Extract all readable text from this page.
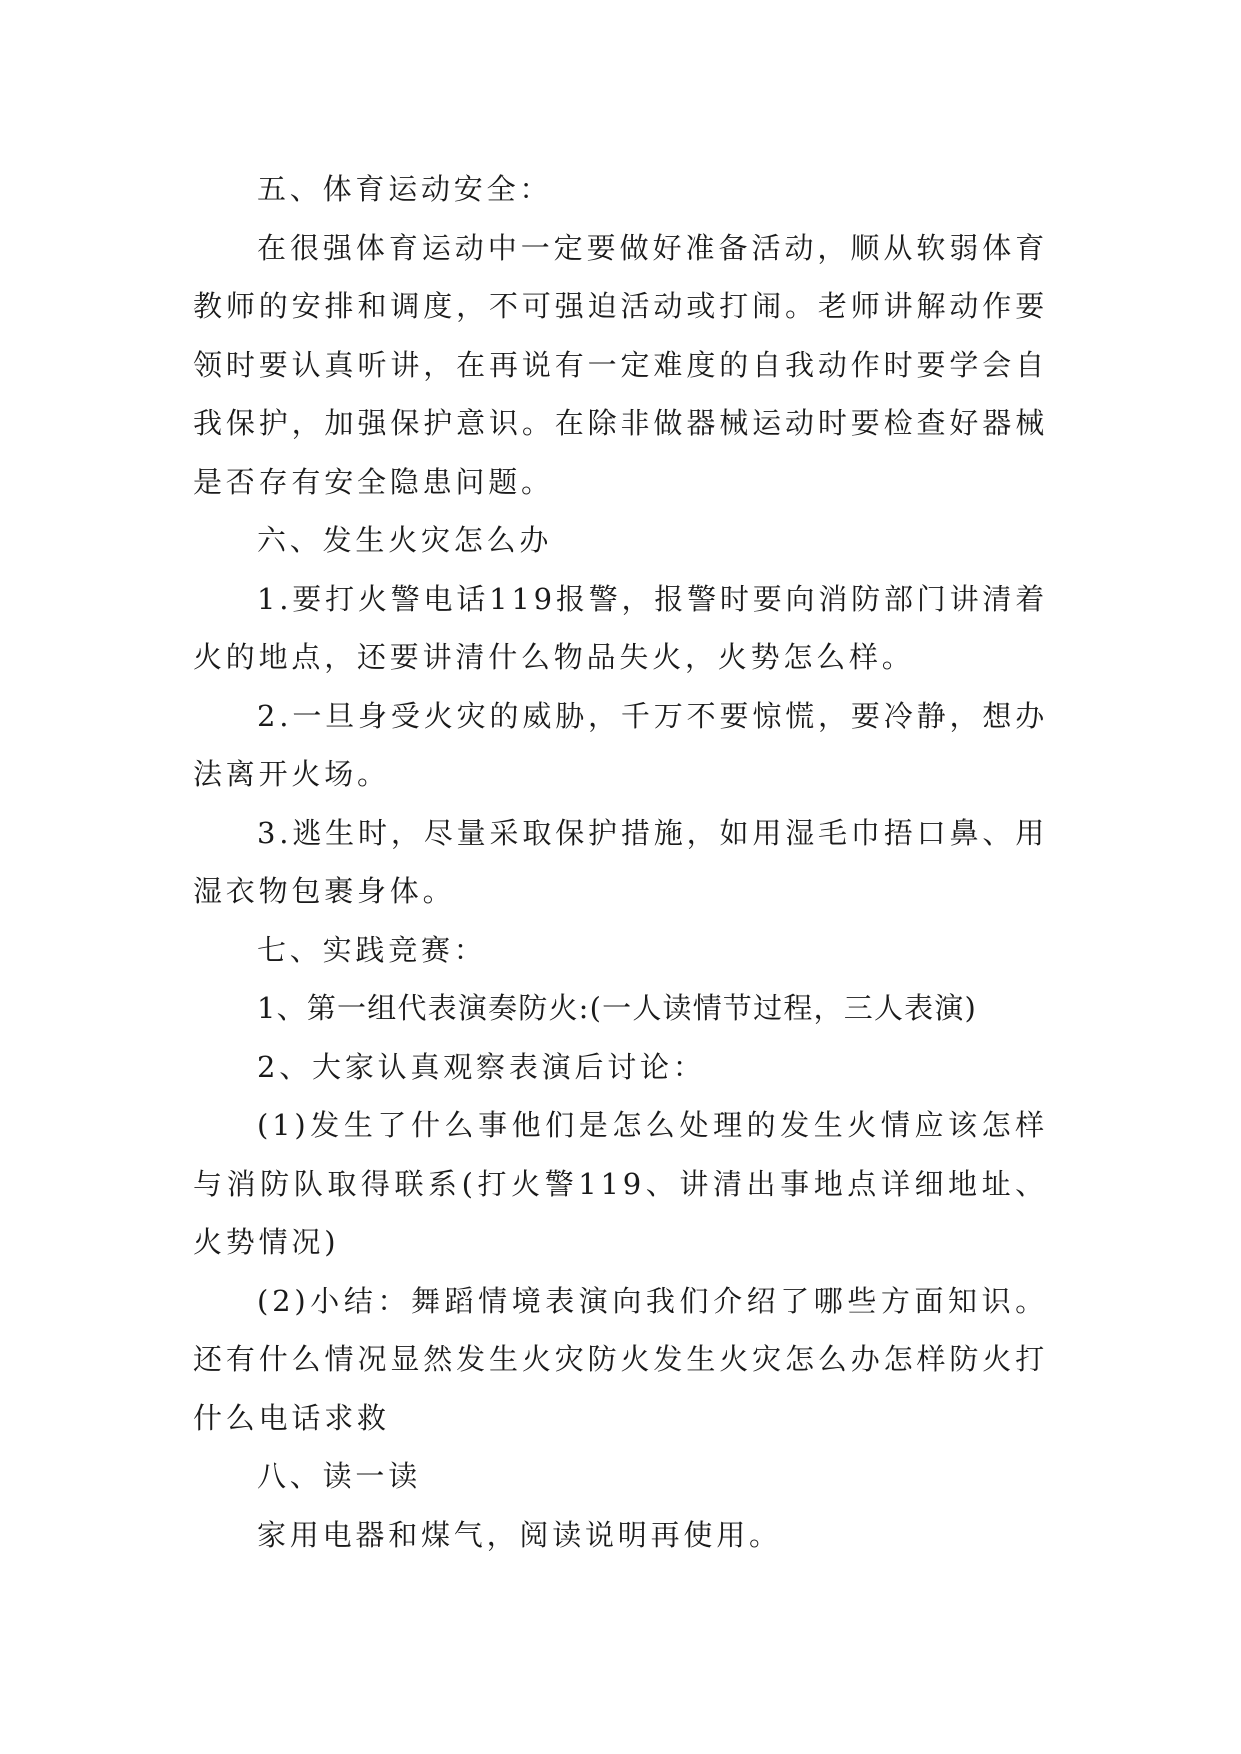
五、体育运动安全：

在很强体育运动中一定要做好准备活动，顺从软弱体育教师的安排和调度，不可强迫活动或打闹。老师讲解动作要领时要认真听讲，在再说有一定难度的自我动作时要学会自我保护，加强保护意识。在除非做器械运动时要检查好器械是否存有安全隐患问题。

六、发生火灾怎么办

1.要打火警电话119报警，报警时要向消防部门讲清着火的地点，还要讲清什么物品失火，火势怎么样。

2.一旦身受火灾的威胁，千万不要惊慌，要冷静，想办法离开火场。

3.逃生时，尽量采取保护措施，如用湿毛巾捂口鼻、用湿衣物包裹身体。

七、实践竞赛：

1、第一组代表演奏防火:(一人读情节过程，三人表演)

2、大家认真观察表演后讨论：

(1)发生了什么事他们是怎么处理的发生火情应该怎样与消防队取得联系(打火警119、讲清出事地点详细地址、火势情况)

(2)小结：舞蹈情境表演向我们介绍了哪些方面知识。还有什么情况显然发生火灾防火发生火灾怎么办怎样防火打什么电话求救

八、读一读

家用电器和煤气，阅读说明再使用。
